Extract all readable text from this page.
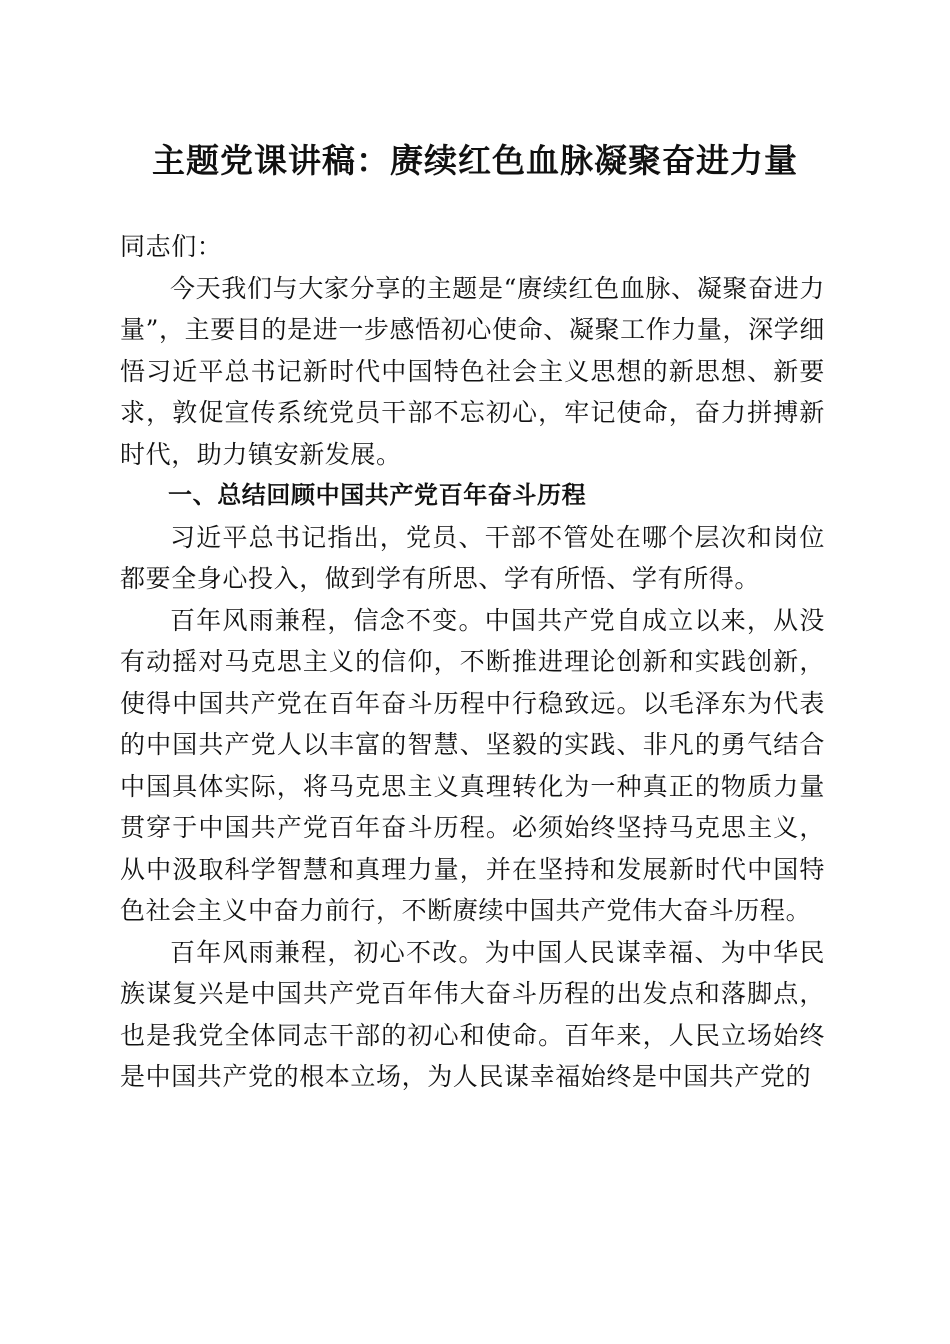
主题党课讲稿：赓续红色血脉凝聚奋进力量

同志们：

今天我们与大家分享的主题是“赓续红色血脉、凝聚奋进力量”，主要目的是进一步感悟初心使命、凝聚工作力量，深学细悟习近平总书记新时代中国特色社会主义思想的新思想、新要求，敦促宣传系统党员干部不忘初心，牢记使命，奋力拼搏新时代，助力镇安新发展。

一、总结回顾中国共产党百年奋斗历程

习近平总书记指出，党员、干部不管处在哪个层次和岗位都要全身心投入，做到学有所思、学有所悟、学有所得。

百年风雨兼程，信念不变。中国共产党自成立以来，从没有动摇对马克思主义的信仰，不断推进理论创新和实践创新，使得中国共产党在百年奋斗历程中行稳致远。以毛泽东为代表的中国共产党人以丰富的智慧、坚毅的实践、非凡的勇气结合中国具体实际，将马克思主义真理转化为一种真正的物质力量贯穿于中国共产党百年奋斗历程。必须始终坚持马克思主义，从中汲取科学智慧和真理力量，并在坚持和发展新时代中国特色社会主义中奋力前行，不断赓续中国共产党伟大奋斗历程。

百年风雨兼程，初心不改。为中国人民谋幸福、为中华民族谋复兴是中国共产党百年伟大奋斗历程的出发点和落脚点，也是我党全体同志干部的初心和使命。百年来，人民立场始终是中国共产党的根本立场，为人民谋幸福始终是中国共产党的
